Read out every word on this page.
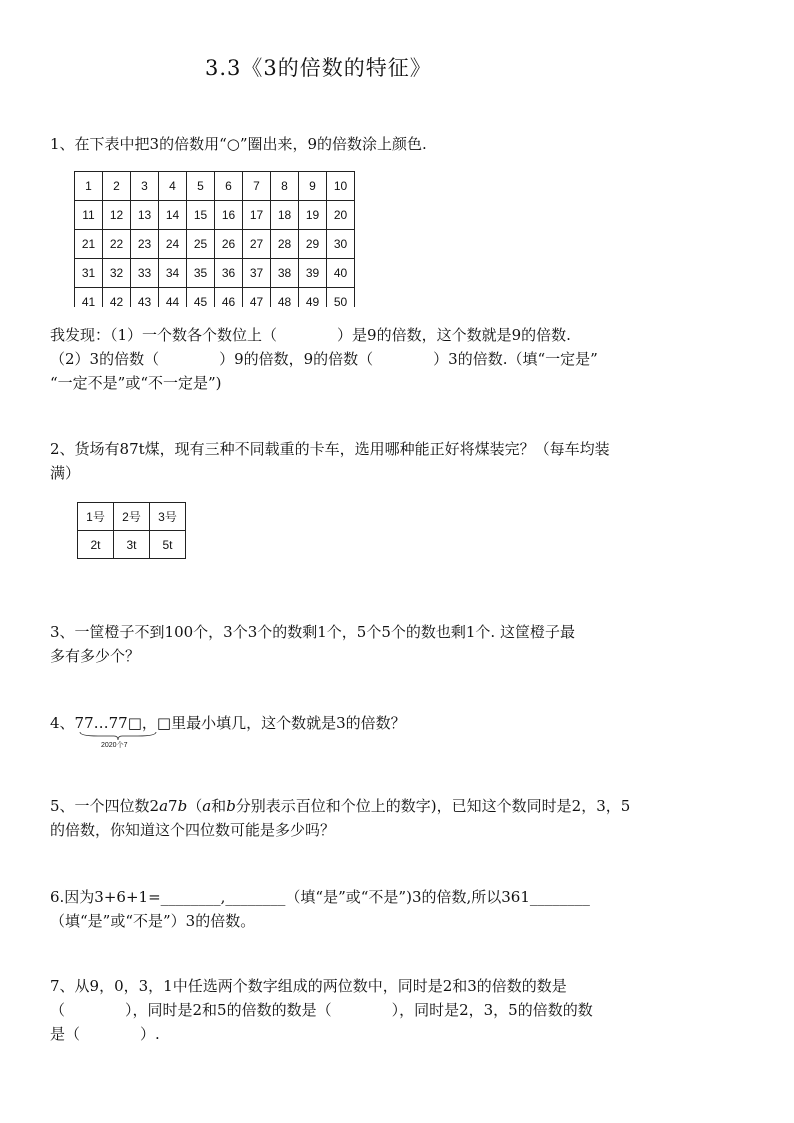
3.3《3的倍数的特征》
1、在下表中把3的倍数用“○”圈出来，9的倍数涂上颜色.
1	2	3	4	5	6	7	8	9	10
11	12	13	14	15	16	17	18	19	20
21	22	23	24	25	26	27	28	29	30
31	32	33	34	35	36	37	38	39	40
41	42	43	44	45	46	47	48	49	50
我发现：（1）一个数各个数位上（　　　　）是9的倍数，这个数就是9的倍数.
（2）3的倍数（　　　　）9的倍数，9的倍数（　　　　）3的倍数.（填“一定是”
“一定不是”或“不一定是”)
2、货场有87t煤，现有三种不同载重的卡车，选用哪种能正好将煤装完？（每车均装
满）
1号	2号	3号
2t	3t	5t
3、一筐橙子不到100个，3个3个的数剩1个，5个5个的数也剩1个. 这筐橙子最
多有多少个？
4、77…77□，□里最小填几，这个数就是3的倍数？
2020个7
5、一个四位数2a7b（a和b分别表示百位和个位上的数字)，已知这个数同时是2，3，5
的倍数，你知道这个四位数可能是多少吗？
6.因为3+6+1=________,________（填“是”或“不是”)3的倍数,所以361________
（填“是”或“不是”）3的倍数。
7、从9，0，3，1中任选两个数字组成的两位数中，同时是2和3的倍数的数是
（　　　　），同时是2和5的倍数的数是（　　　　），同时是2，3，5的倍数的数
是（　　　　）.
